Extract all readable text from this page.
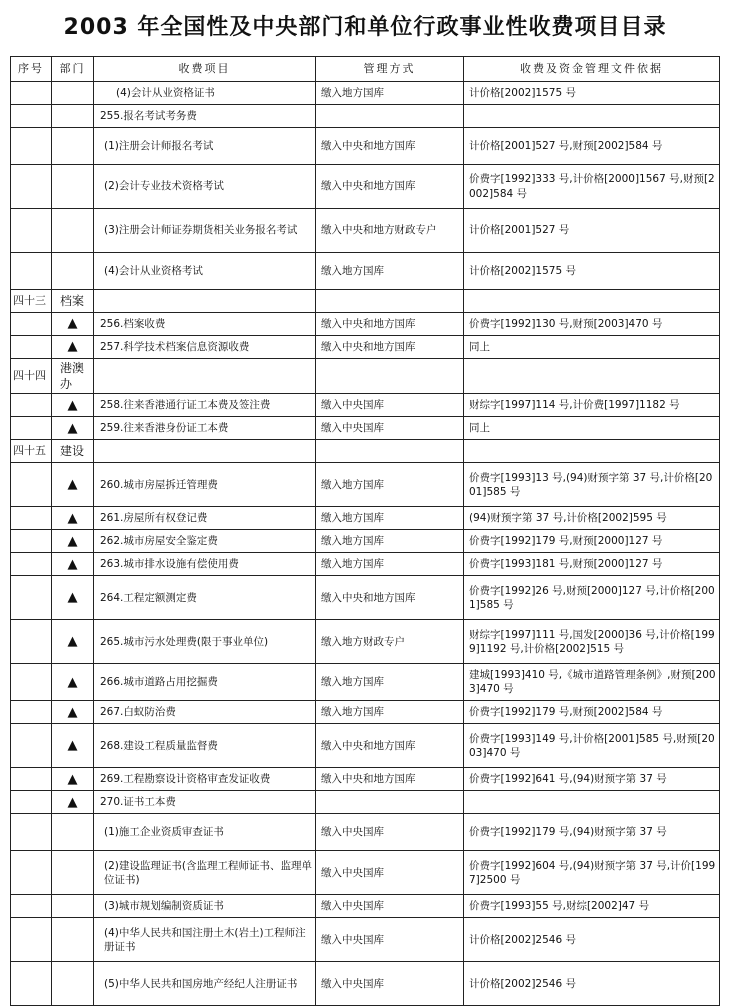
2003 年全国性及中央部门和单位行政事业性收费项目目录
序号	部门	收费项目	管理方式	收费及资金管理文件依据
		(4)会计从业资格证书	缴入地方国库	计价格[2002]1575 号
		255.报名考试考务费		
		(1)注册会计师报名考试	缴入中央和地方国库	计价格[2001]527 号,财预[2002]584 号
		(2)会计专业技术资格考试	缴入中央和地方国库	价费字[1992]333 号,计价格[2000]1567 号,财预[2002]584 号
		(3)注册会计师证券期货相关业务报名考试	缴入中央和地方财政专户	计价格[2001]527 号
		(4)会计从业资格考试	缴入地方国库	计价格[2002]1575 号
四十三	档案			
	▲	256.档案收费	缴入中央和地方国库	价费字[1992]130 号,财预[2003]470 号
	▲	257.科学技术档案信息资源收费	缴入中央和地方国库	同上
四十四	港澳办			
	▲	258.往来香港通行证工本费及签注费	缴入中央国库	财综字[1997]114 号,计价费[1997]1182 号
	▲	259.往来香港身份证工本费	缴入中央国库	同上
四十五	建设			
	▲	260.城市房屋拆迁管理费	缴入地方国库	价费字[1993]13 号,(94)财预字第 37 号,计价格[2001]585 号
	▲	261.房屋所有权登记费	缴入地方国库	(94)财预字第 37 号,计价格[2002]595 号
	▲	262.城市房屋安全鉴定费	缴入地方国库	价费字[1992]179 号,财预[2000]127 号
	▲	263.城市排水设施有偿使用费	缴入地方国库	价费字[1993]181 号,财预[2000]127 号
	▲	264.工程定额测定费	缴入中央和地方国库	价费字[1992]26 号,财预[2000]127 号,计价格[2001]585 号
	▲	265.城市污水处理费(限于事业单位)	缴入地方财政专户	财综字[1997]111 号,国发[2000]36 号,计价格[1999]1192 号,计价格[2002]515 号
	▲	266.城市道路占用挖掘费	缴入地方国库	建城[1993]410 号,《城市道路管理条例》,财预[2003]470 号
	▲	267.白蚁防治费	缴入地方国库	价费字[1992]179 号,财预[2002]584 号
	▲	268.建设工程质量监督费	缴入中央和地方国库	价费字[1993]149 号,计价格[2001]585 号,财预[2003]470 号
	▲	269.工程勘察设计资格审查发证收费	缴入中央和地方国库	价费字[1992]641 号,(94)财预字第 37 号
	▲	270.证书工本费		
		(1)施工企业资质审查证书	缴入中央国库	价费字[1992]179 号,(94)财预字第 37 号
		(2)建设监理证书(含监理工程师证书、监理单位证书)	缴入中央国库	价费字[1992]604 号,(94)财预字第 37 号,计价[1997]2500 号
		(3)城市规划编制资质证书	缴入中央国库	价费字[1993]55 号,财综[2002]47 号
		(4)中华人民共和国注册土木(岩土)工程师注册证书	缴入中央国库	计价格[2002]2546 号
		(5)中华人民共和国房地产经纪人注册证书	缴入中央国库	计价格[2002]2546 号
